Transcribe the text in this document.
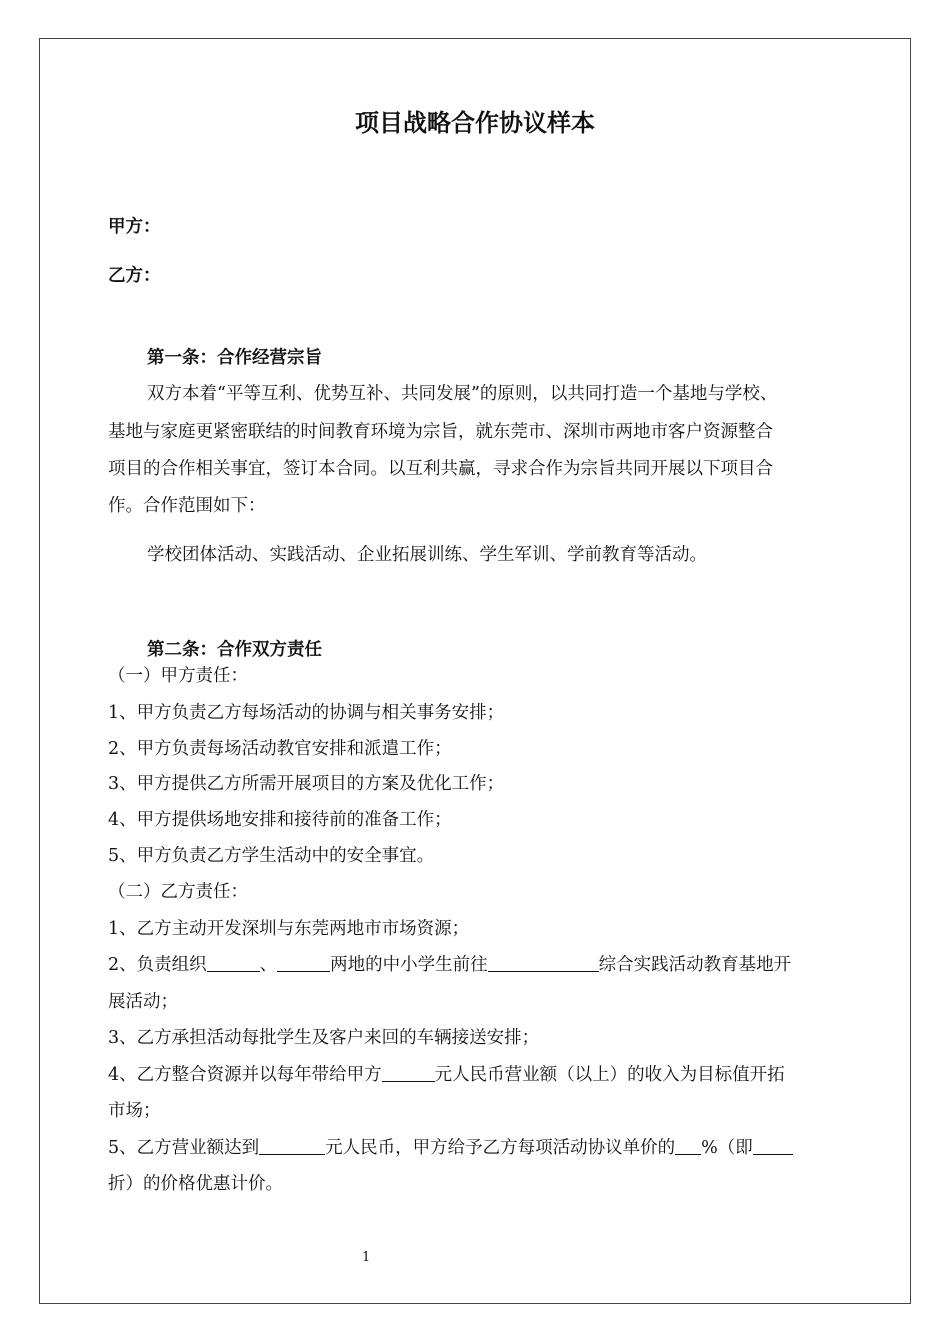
项目战略合作协议样本
甲方：
乙方：
第一条：合作经营宗旨
双方本着“平等互利、优势互补、共同发展”的原则，以共同打造一个基地与学校、
基地与家庭更紧密联结的时间教育环境为宗旨，就东莞市、深圳市两地市客户资源整合
项目的合作相关事宜，签订本合同。以互利共赢，寻求合作为宗旨共同开展以下项目合
作。合作范围如下：
学校团体活动、实践活动、企业拓展训练、学生军训、学前教育等活动。
第二条：合作双方责任
（一）甲方责任：
1、甲方负责乙方每场活动的协调与相关事务安排；
2、甲方负责每场活动教官安排和派遣工作；
3、甲方提供乙方所需开展项目的方案及优化工作；
4、甲方提供场地安排和接待前的准备工作；
5、甲方负责乙方学生活动中的安全事宜。
（二）乙方责任：
1、乙方主动开发深圳与东莞两地市市场资源；
2、负责组织	、	两地的中小学生前往	综合实践活动教育基地开
展活动；
3、乙方承担活动每批学生及客户来回的车辆接送安排；
4、乙方整合资源并以每年带给甲方	元人民币营业额（以上）的收入为目标值开拓
市场；
5、乙方营业额达到	元人民币，甲方给予乙方每项活动协议单价的 %（即
折）的价格优惠计价。
1
